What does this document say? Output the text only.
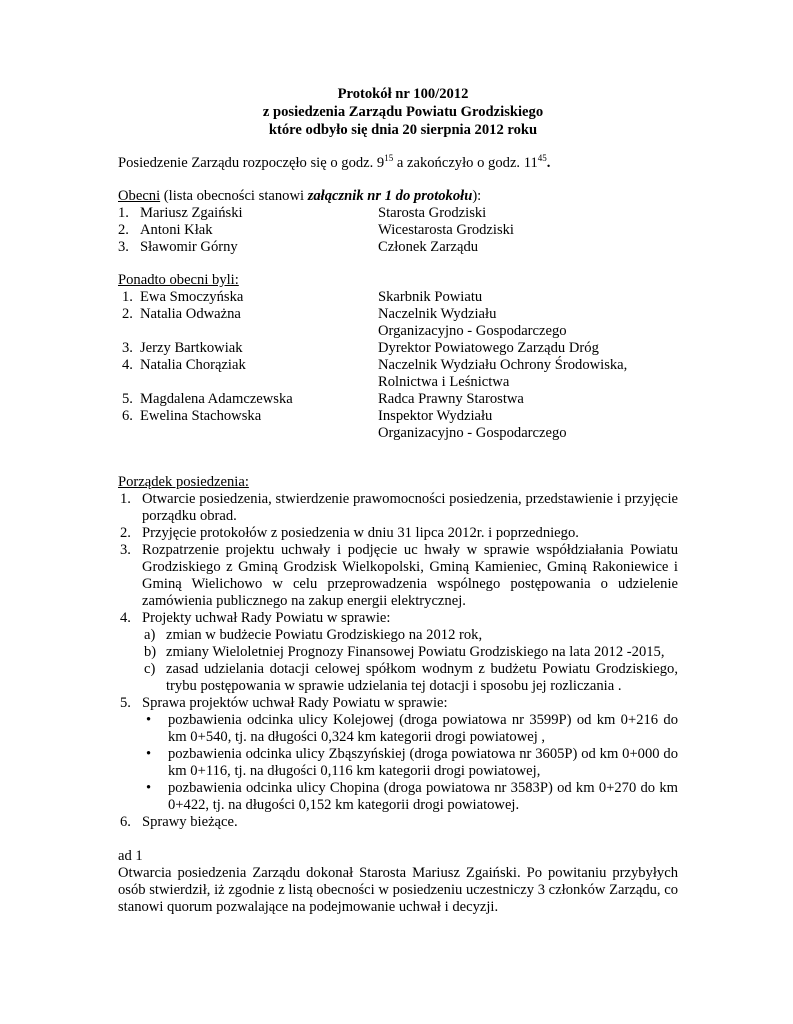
Protokół nr 100/2012
z posiedzenia Zarządu Powiatu Grodziskiego
które odbyło się dnia 20 sierpnia 2012 roku
Posiedzenie Zarządu rozpoczęło się o godz. $9^{15}$ a zakończyło o godz. $11^{45}$.
Obecni (lista obecności stanowi załącznik nr 1 do protokołu):
1. Mariusz Zgaiński	Starosta Grodziski
2. Antoni Kłak	Wicestarosta Grodziski
3. Sławomir Górny	Członek Zarządu
Ponadto obecni byli:
1. Ewa Smoczyńska	Skarbnik Powiatu
2. Natalia Odważna	Naczelnik Wydziału
Organizacyjno - Gospodarczego
3. Jerzy Bartkowiak	Dyrektor Powiatowego Zarządu Dróg
4. Natalia Chorąziak	Naczelnik Wydziału Ochrony Środowiska,
Rolnictwa i Leśnictwa
5. Magdalena Adamczewska	Radca Prawny Starostwa
6. Ewelina Stachowska	Inspektor Wydziału
Organizacyjno - Gospodarczego
Porządek posiedzenia:
1. Otwarcie posiedzenia, stwierdzenie prawomocności posiedzenia, przedstawienie i przyjęcie porządku obrad.
2. Przyjęcie protokołów z posiedzenia w dniu 31 lipca 2012r. i poprzedniego.
3. Rozpatrzenie projektu uchwały i podjęcie uc hwały w sprawie współdziałania Powiatu Grodziskiego z Gminą Grodzisk Wielkopolski, Gminą Kamieniec, Gminą Rakoniewice i Gminą Wielichowo w celu przeprowadzenia wspólnego postępowania o udzielenie zamówienia publicznego na zakup energii elektrycznej.
4. Projekty uchwał Rady Powiatu w sprawie:
a) zmian w budżecie Powiatu Grodziskiego na 2012 rok,
b) zmiany Wieloletniej Prognozy Finansowej Powiatu Grodziskiego na lata 2012 -2015,
c) zasad udzielania dotacji celowej spółkom wodnym z budżetu Powiatu Grodziskiego, trybu postępowania w sprawie udzielania tej dotacji i sposobu jej rozliczania .
5. Sprawa projektów uchwał Rady Powiatu w sprawie:
•	pozbawienia odcinka ulicy Kolejowej (droga powiatowa nr 3599P) od km 0+216 do km 0+540, tj. na długości 0,324 km kategorii drogi powiatowej ,
•	pozbawienia odcinka ulicy Zbąszyńskiej (droga powiatowa nr 3605P) od km 0+000 do km 0+116, tj. na długości 0,116 km kategorii drogi powiatowej,
•	pozbawienia odcinka ulicy Chopina (droga powiatowa nr 3583P) od km 0+270 do km 0+422, tj. na długości 0,152 km kategorii drogi powiatowej.
6. Sprawy bieżące.
ad 1
Otwarcia posiedzenia Zarządu dokonał Starosta Mariusz Zgaiński. Po powitaniu przybyłych osób stwierdził, iż zgodnie z listą obecności w posiedzeniu uczestniczy 3 członków Zarządu, co stanowi quorum pozwalające na podejmowanie uchwał i decyzji.
